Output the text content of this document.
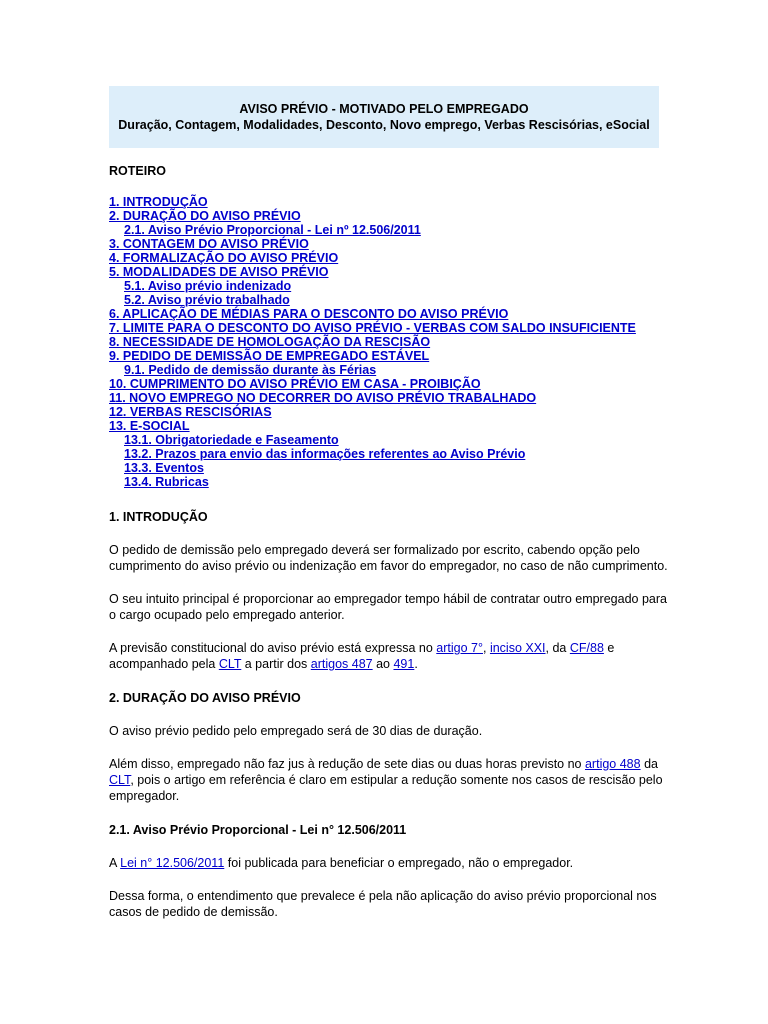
AVISO PRÉVIO - MOTIVADO PELO EMPREGADO
Duração, Contagem, Modalidades, Desconto, Novo emprego, Verbas Rescisórias, eSocial
ROTEIRO
1. INTRODUÇÃO
2. DURAÇÃO DO AVISO PRÉVIO
2.1. Aviso Prévio Proporcional - Lei nº 12.506/2011
3. CONTAGEM DO AVISO PRÉVIO
4. FORMALIZAÇÃO DO AVISO PRÉVIO
5. MODALIDADES DE AVISO PRÉVIO
5.1. Aviso prévio indenizado
5.2. Aviso prévio trabalhado
6. APLICAÇÃO DE MÉDIAS PARA O DESCONTO DO AVISO PRÉVIO
7. LIMITE PARA O DESCONTO DO AVISO PRÉVIO - VERBAS COM SALDO INSUFICIENTE
8. NECESSIDADE DE HOMOLOGAÇÃO DA RESCISÃO
9. PEDIDO DE DEMISSÃO DE EMPREGADO ESTÁVEL
9.1. Pedido de demissão durante às Férias
10. CUMPRIMENTO DO AVISO PRÉVIO EM CASA - PROIBIÇÃO
11. NOVO EMPREGO NO DECORRER DO AVISO PRÉVIO TRABALHADO
12. VERBAS RESCISÓRIAS
13. E-SOCIAL
13.1. Obrigatoriedade e Faseamento
13.2. Prazos para envio das informações referentes ao Aviso Prévio
13.3. Eventos
13.4. Rubricas
1. INTRODUÇÃO

O pedido de demissão pelo empregado deverá ser formalizado por escrito, cabendo opção pelo cumprimento do aviso prévio ou indenização em favor do empregador, no caso de não cumprimento.

O seu intuito principal é proporcionar ao empregador tempo hábil de contratar outro empregado para o cargo ocupado pelo empregado anterior.

A previsão constitucional do aviso prévio está expressa no artigo 7°, inciso XXI, da CF/88 e acompanhado pela CLT a partir dos artigos 487 ao 491.

2. DURAÇÃO DO AVISO PRÉVIO

O aviso prévio pedido pelo empregado será de 30 dias de duração.

Além disso, empregado não faz jus à redução de sete dias ou duas horas previsto no artigo 488 da CLT, pois o artigo em referência é claro em estipular a redução somente nos casos de rescisão pelo empregador.

2.1. Aviso Prévio Proporcional - Lei n° 12.506/2011

A Lei n° 12.506/2011 foi publicada para beneficiar o empregado, não o empregador.

Dessa forma, o entendimento que prevalece é pela não aplicação do aviso prévio proporcional nos casos de pedido de demissão.
